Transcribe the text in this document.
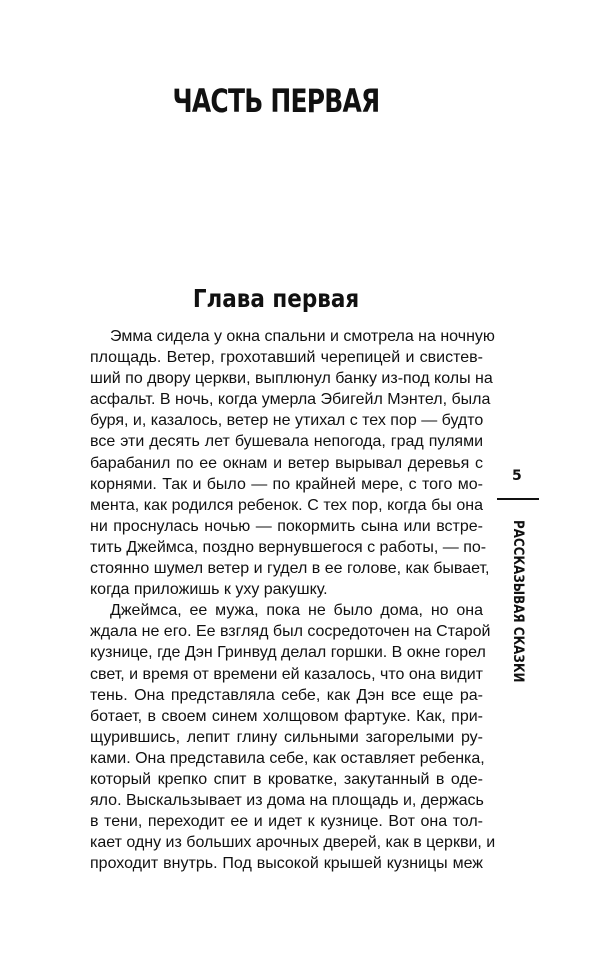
ЧАСТЬ ПЕРВАЯ
Глава первая
Эмма сидела у окна спальни и смотрела на ночную
площадь. Ветер, грохотавший черепицей и свистев-
ший по двору церкви, выплюнул банку из-под колы на
асфальт. В ночь, когда умерла Эбигейл Мэнтел, была
буря, и, казалось, ветер не утихал с тех пор — будто
все эти десять лет бушевала непогода, град пулями
барабанил по ее окнам и ветер вырывал деревья с
корнями. Так и было — по крайней мере, с того мо-
мента, как родился ребенок. С тех пор, когда бы она
ни проснулась ночью — покормить сына или встре-
тить Джеймса, поздно вернувшегося с работы, — по-
стоянно шумел ветер и гудел в ее голове, как бывает,
когда приложишь к уху ракушку.
Джеймса, ее мужа, пока не было дома, но она
ждала не его. Ее взгляд был сосредоточен на Старой
кузнице, где Дэн Гринвуд делал горшки. В окне горел
свет, и время от времени ей казалось, что она видит
тень. Она представляла себе, как Дэн все еще ра-
ботает, в своем синем холщовом фартуке. Как, при-
щурившись, лепит глину сильными загорелыми ру-
ками. Она представила себе, как оставляет ребенка,
который крепко спит в кроватке, закутанный в оде-
яло. Выскальзывает из дома на площадь и, держась
в тени, переходит ее и идет к кузнице. Вот она тол-
кает одну из больших арочных дверей, как в церкви, и
проходит внутрь. Под высокой крышей кузницы меж
5
РАССКАЗЫВАЯ СКАЗКИ
